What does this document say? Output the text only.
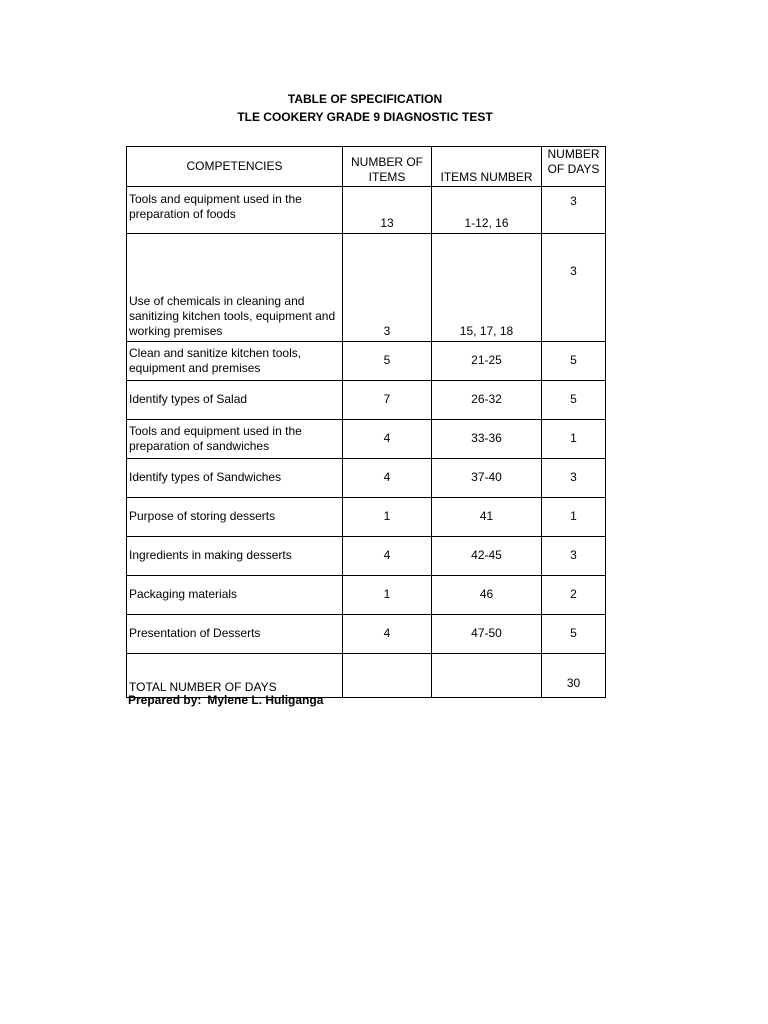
TABLE OF SPECIFICATION
TLE COOKERY GRADE 9 DIAGNOSTIC TEST
COMPETENCIES	NUMBER OF ITEMS	ITEMS NUMBER	NUMBER OF DAYS
Tools and equipment used in the preparation of foods	13	1-12, 16	3
Use of chemicals in cleaning and sanitizing kitchen tools, equipment and working premises	3	15, 17, 18	3
Clean and sanitize kitchen tools, equipment and premises	5	21-25	5
Identify types of Salad	7	26-32	5
Tools and equipment used in the preparation of sandwiches	4	33-36	1
Identify types of Sandwiches	4	37-40	3
Purpose of storing desserts	1	41	1
Ingredients in making desserts	4	42-45	3
Packaging materials	1	46	2
Presentation of Desserts	4	47-50	5
TOTAL NUMBER OF DAYS			30
Prepared by: Mylene L. Huliganga
